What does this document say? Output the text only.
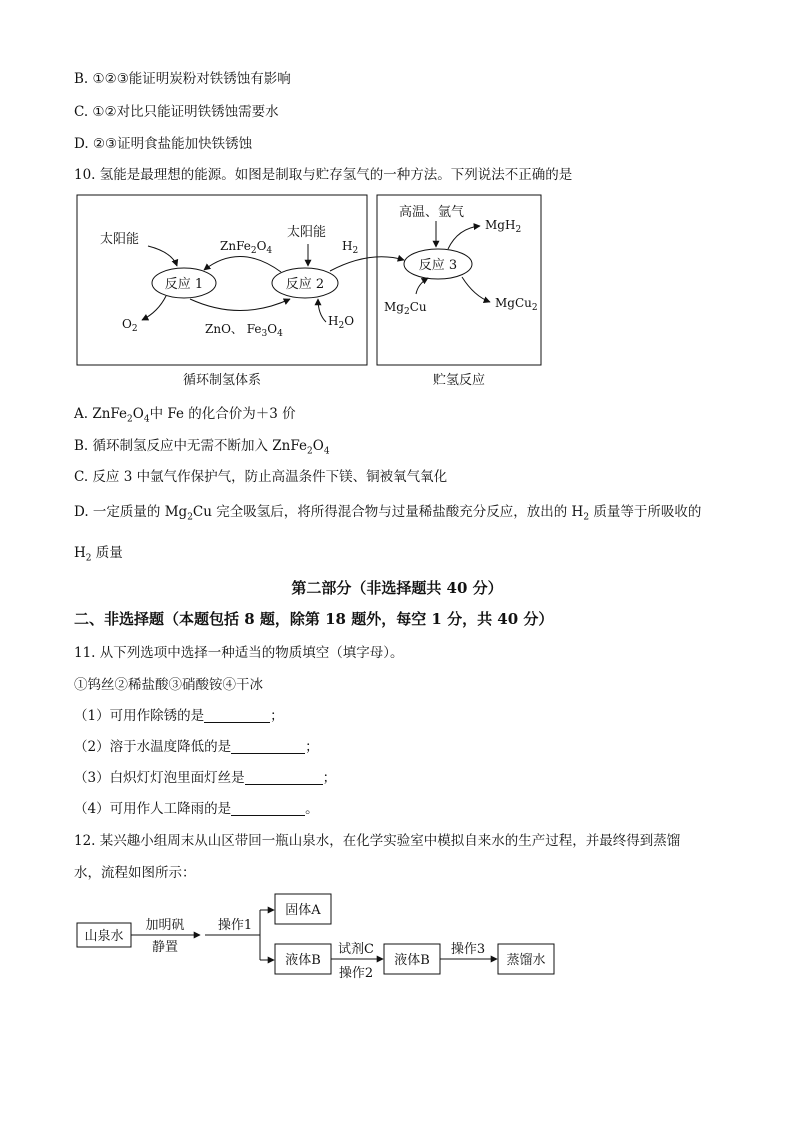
B. ①②③能证明炭粉对铁锈蚀有影响
C. ①②对比只能证明铁锈蚀需要水
D. ②③证明食盐能加快铁锈蚀
10. 氢能是最理想的能源。如图是制取与贮存氢气的一种方法。下列说法不正确的是
反应 1	反应 2
反应 3
太阳能	$ZnFe_2O_4$
太阳能
ZnO、 $Fe_3O_4$
$O_2$
$H_2O$
$H_2$
高温、氩气
MgH$_2$
$Mg_2Cu$	MgCu$_2$
循环制氢体系	贮氢反应
A. $ZnFe_2O_4$中 Fe 的化合价为＋3 价
B. 循环制氢反应中无需不断加入 $ZnFe_2O_4$
C. 反应 3 中氩气作保护气，防止高温条件下镁、铜被氧气氧化
D. 一定质量的 $Mg_2Cu$ 完全吸氢后，将所得混合物与过量稀盐酸充分反应，放出的 $H_2$ 质量等于所吸收的
$H_2$ 质量
第二部分（非选择题共 40 分）
二、非选择题（本题包括 8 题，除第 18 题外，每空 1 分，共 40 分）
11. 从下列选项中选择一种适当的物质填空（填字母）。
①钨丝②稀盐酸③硝酸铵④干冰
（1）可用作除锈的是	；
（2）溶于水温度降低的是	；
（3）白炽灯灯泡里面灯丝是	；
（4）可用作人工降雨的是	。
12. 某兴趣小组周末从山区带回一瓶山泉水，在化学实验室中模拟自来水的生产过程，并最终得到蒸馏
水，流程如图所示：
山泉水
加明矾
静置
操作1
固体A
液体B
试剂C
操作2
液体B
操作3
蒸馏水
